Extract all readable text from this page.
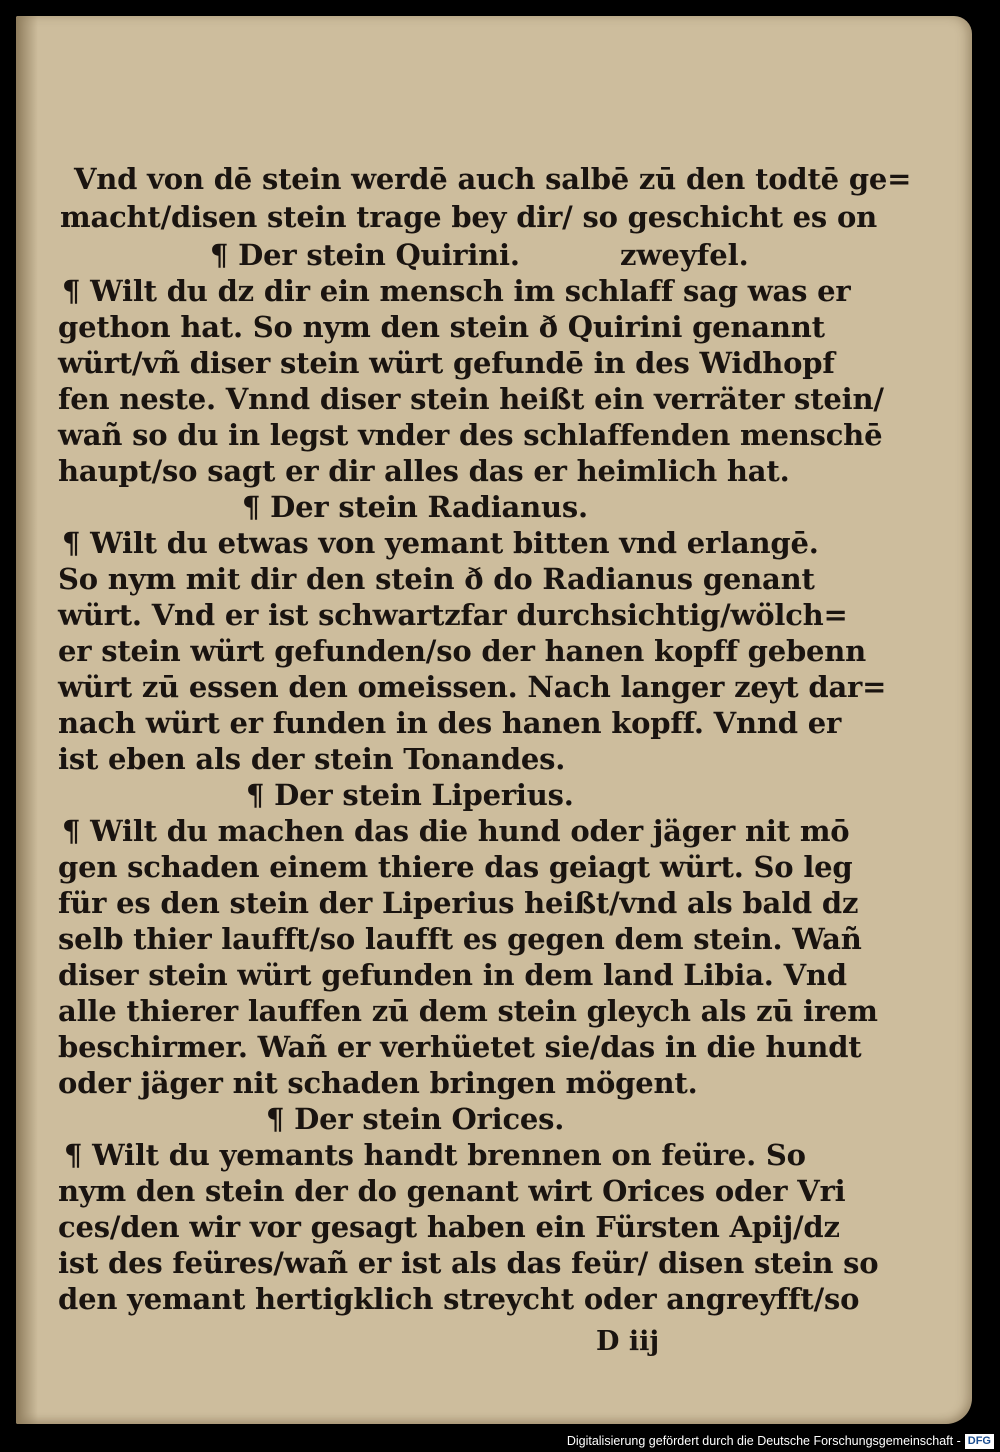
Vnd von dē stein werdē auch salbē zū den todtē ge=

macht/disen stein trage bey dir/ so geschicht es on

¶ Der stein Quirini.	zweyfel.

¶ Wilt du dz dir ein mensch im schlaff sag was er

gethon hat. So nym den stein ð Quirini genannt

würt/vñ diser stein würt gefundē in des Widhopf

fen neste. Vnnd diser stein heißt ein verräter stein/

wañ so du in legst vnder des schlaffenden menschē

haupt/so sagt er dir alles das er heimlich hat.

¶ Der stein Radianus.

¶ Wilt du etwas von yemant bitten vnd erlangē.

So nym mit dir den stein ð do Radianus genant

würt. Vnd er ist schwartzfar durchsichtig/wölch=

er stein würt gefunden/so der hanen kopff gebenn

würt zū essen den omeissen. Nach langer zeyt dar=

nach würt er funden in des hanen kopff. Vnnd er

ist eben als der stein Tonandes.

¶ Der stein Liperius.

¶ Wilt du machen das die hund oder jäger nit mō

gen schaden einem thiere das geiagt würt. So leg

für es den stein der Liperius heißt/vnd als bald dz

selb thier laufft/so laufft es gegen dem stein. Wañ

diser stein würt gefunden in dem land Libia. Vnd

alle thierer lauffen zū dem stein gleych als zū irem

beschirmer. Wañ er verhüetet sie/das in die hundt

oder jäger nit schaden bringen mögent.

¶ Der stein Orices.

¶ Wilt du yemants handt brennen on feüre. So

nym den stein der do genant wirt Orices oder Vri

ces/den wir vor gesagt haben ein Fürsten Apij/dz

ist des feüres/wañ er ist als das feür/ disen stein so

den yemant hertigklich streycht oder angreyfft/so

D iij
Digitalisierung gefördert durch die Deutsche Forschungsgemeinschaft - DFG
